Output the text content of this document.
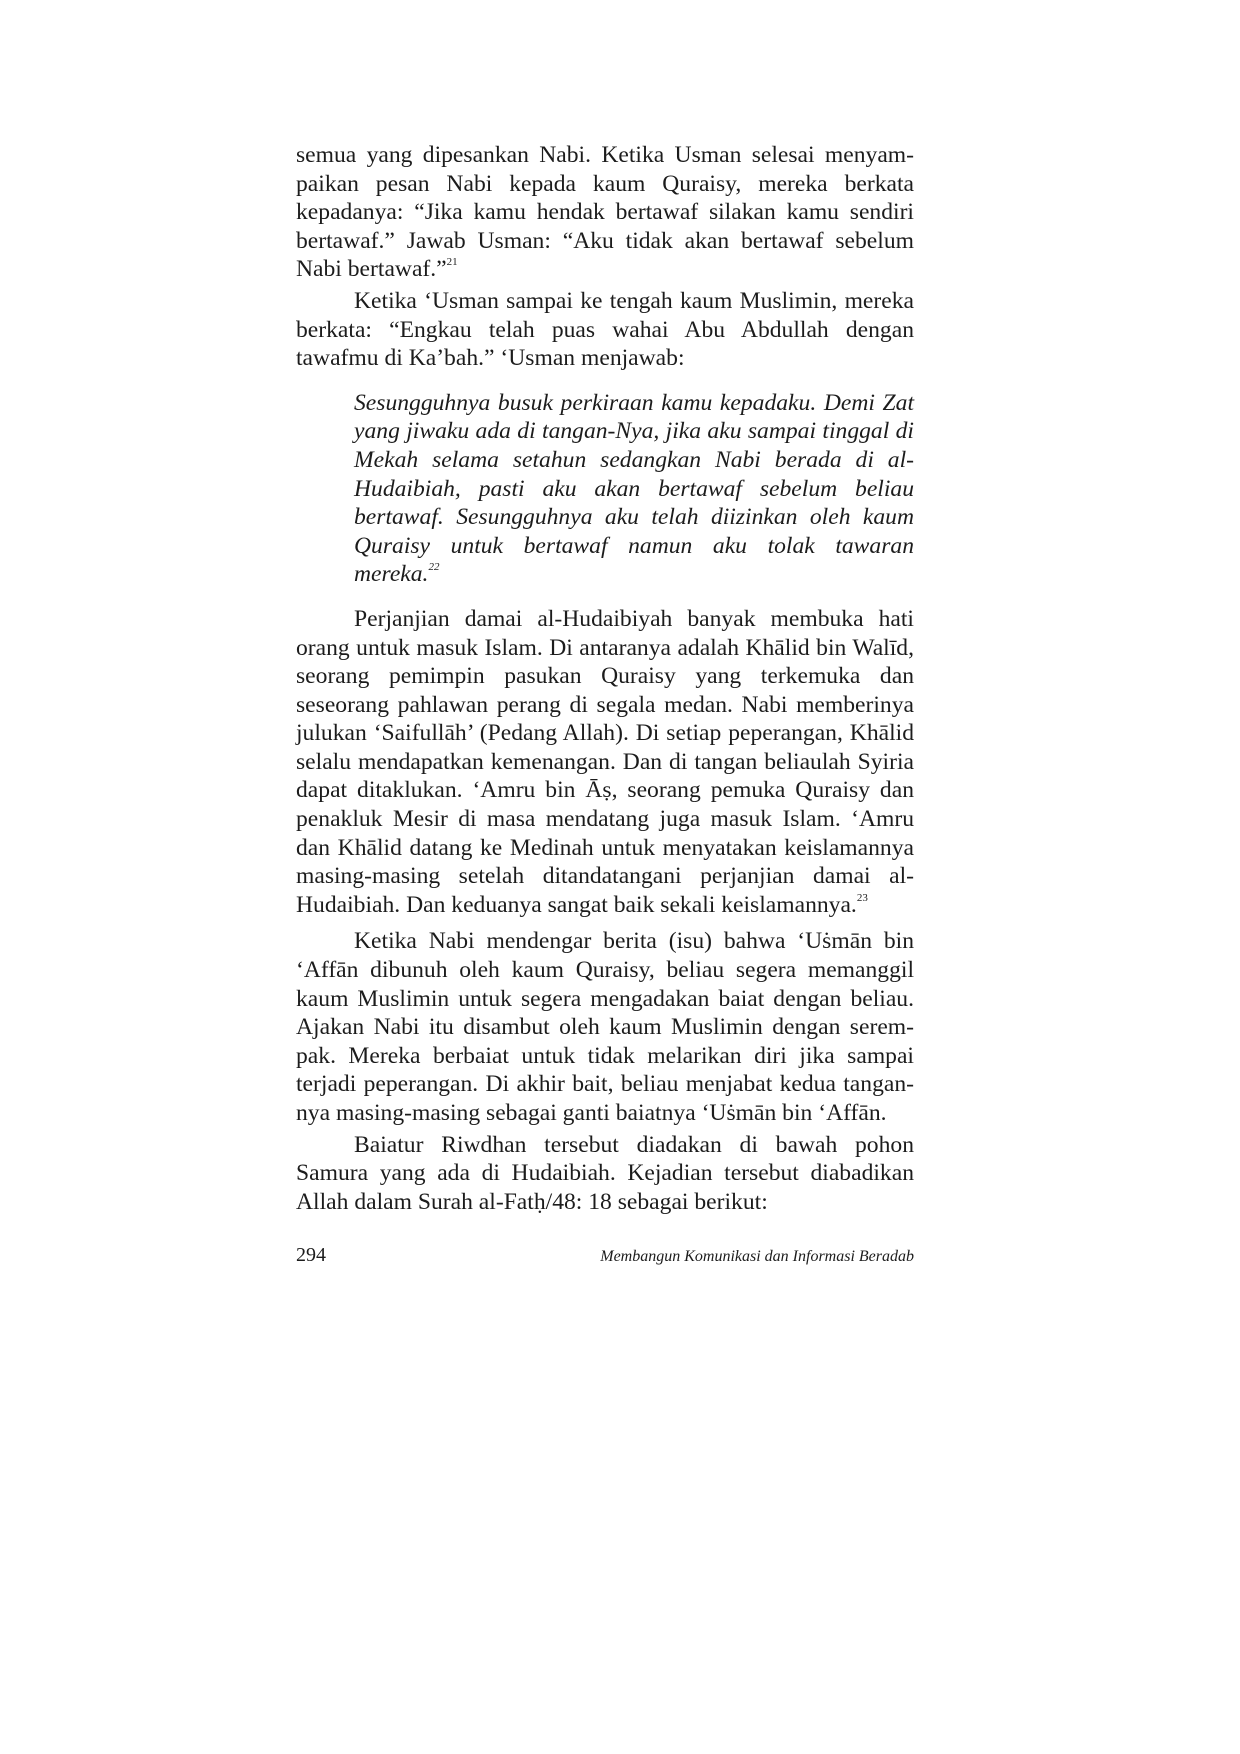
semua yang dipesankan Nabi. Ketika Usman selesai menyampaikan pesan Nabi kepada kaum Quraisy, mereka berkata kepadanya: “Jika kamu hendak bertawaf silakan kamu sendiri bertawaf.” Jawab Usman: “Aku tidak akan bertawaf sebelum Nabi bertawaf.”$^{21}$

Ketika ‘Usman sampai ke tengah kaum Muslimin, mereka berkata: “Engkau telah puas wahai Abu Abdullah dengan tawafmu di Ka’bah.” ‘Usman menjawab:

Sesungguhnya busuk perkiraan kamu kepadaku. Demi Zat yang jiwaku ada di tangan-Nya, jika aku sampai tinggal di Mekah selama setahun sedangkan Nabi berada di al-Hudaibiah, pasti aku akan bertawaf sebelum beliau bertawaf. Sesungguhnya aku telah diizinkan oleh kaum Quraisy untuk bertawaf namun aku tolak tawaran mereka.$^{22}$

Perjanjian damai al-Hudaibiyah banyak membuka hati orang untuk masuk Islam. Di antaranya adalah Khālid bin Walīd, seorang pemimpin pasukan Quraisy yang terkemuka dan seseorang pahlawan perang di segala medan. Nabi memberinya julukan ‘Saifullāh’ (Pedang Allah). Di setiap peperangan, Khālid selalu mendapatkan kemenangan. Dan di tangan beliaulah Syiria dapat ditaklukan. ‘Amru bin Āṣ, seorang pemuka Quraisy dan penakluk Mesir di masa mendatang juga masuk Islam. ‘Amru dan Khālid datang ke Medinah untuk menyatakan keislamannya masing-masing setelah ditandatangani perjanjian damai al-Hudaibiah. Dan keduanya sangat baik sekali keislamannya.$^{23}$

Ketika Nabi mendengar berita (isu) bahwa ‘Uṡmān bin ‘Affān dibunuh oleh kaum Quraisy, beliau segera memanggil kaum Muslimin untuk segera mengadakan baiat dengan beliau. Ajakan Nabi itu disambut oleh kaum Muslimin dengan serempak. Mereka berbaiat untuk tidak melarikan diri jika sampai terjadi peperangan. Di akhir bait, beliau menjabat kedua tangannya masing-masing sebagai ganti baiatnya ‘Uṡmān bin ‘Affān.

Baiatur Riwdhan tersebut diadakan di bawah pohon Samura yang ada di Hudaibiah. Kejadian tersebut diabadikan Allah dalam Surah al-Fatḥ/48: 18 sebagai berikut:

294	Membangun Komunikasi dan Informasi Beradab
